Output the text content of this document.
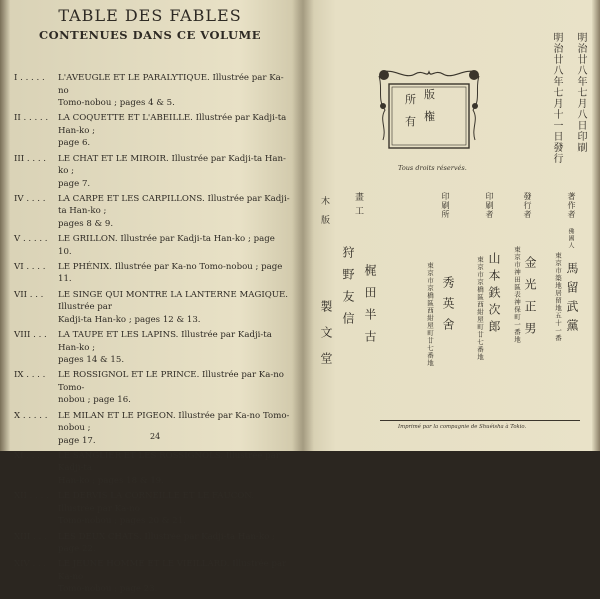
TABLE DES FABLES
CONTENUES DANS CE VOLUME
I . . . . . L'AVEUGLE ET LE PARALYTIQUE. Illustrée par Ka-no
Tomo-nobou ; pages 4 & 5.
II . . . . . LA COQUETTE ET L'ABEILLE. Illustrée par Kadji-ta Han-ko ;
page 6.
III . . . . LE CHAT ET LE MIROIR. Illustrée par Kadji-ta Han-ko ;
page 7.
IV . . . . LA CARPE ET LES CARPILLONS. Illustrée par Kadji-ta Han-ko ;
pages 8 & 9.
V . . . . . LE GRILLON. Illustrée par Kadji-ta Han-ko ; page 10.
VI . . . . LE PHÉNIX. Illustrée par Ka-no Tomo-nobou ; page 11.
VII . . . LE SINGE QUI MONTRE LA LANTERNE MAGIQUE. Illustrée par
Kadji-ta Han-ko ; pages 12 & 13.
VIII . . . LA TAUPE ET LES LAPINS. Illustrée par Kadji-ta Han-ko ;
pages 14 & 15.
IX . . . . LE ROSSIGNOL ET LE PRINCE. Illustrée par Ka-no Tomo-
nobou ; page 16.
X . . . . . LE MILAN ET LE PIGEON. Illustrée par Ka-no Tomo-nobou ;
page 17.
XI . . . . LE SANGLIER ET LES ROSSIGNOLS. Illustrée par Kadji-ta
Han-ko ; pages 18 & 19.
XII . . . . LE DERVIS LA CORNEILLE ET LE FAUCON. Illustrée par Ka-no
Tomo-nobou ; pages 20 & 21.
XIII . . . LES DEUX CHATS. Illustrée par Kadji-ta Han-ko ; page 22.
XIV . . . LE JEUNE HOMME ET LE VIEILLARD. Illustrée par Ka-no
Tomo-nobou ; page 23.
24
明治廿八年七月八日印刷
明治廿八年七月十一日發行
版
所
権
有
Tous droits réservés.
著作者
佛國人
東京市築地居留地五十一番 馬留武黨
發行者
東京市神田區表神保町一番地 金光正男
印刷者
東京市京橋區西紺屋町廿七番地 山本鉄次郎
印刷所
東京市京橋區西紺屋町廿七番地 秀英舍
畫工
狩野友信 梶田半古
木版
製文堂
Imprimé par la compagnie de Shuéisha à Tokio.
